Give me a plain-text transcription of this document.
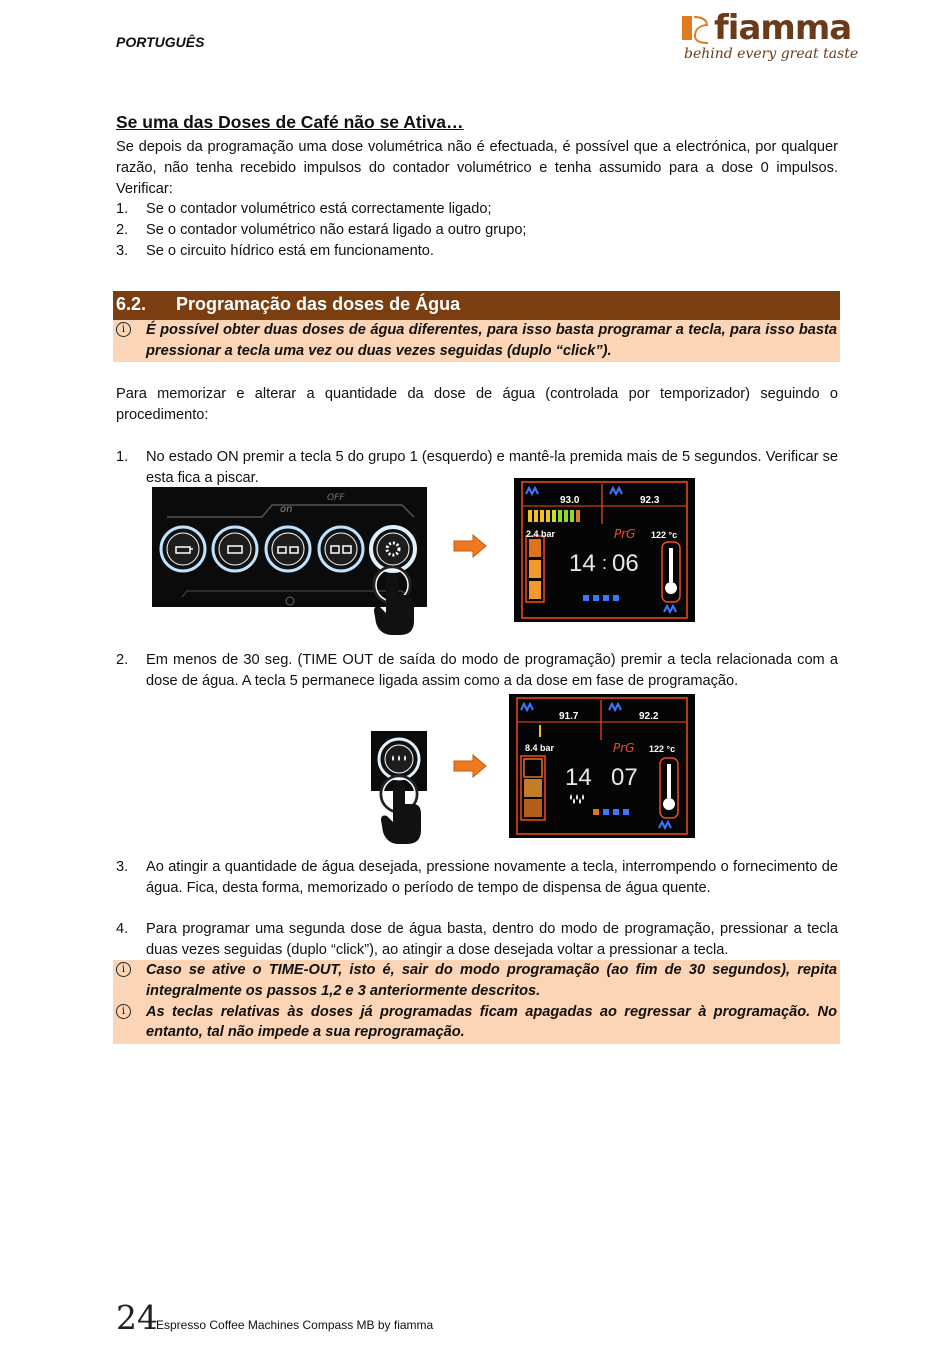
PORTUGUÊS	fiamma
behind every great taste
Se uma das Doses de Café não se Ativa…
Se depois da programação uma dose volumétrica não é efectuada, é possível que a electrónica, por qualquer razão, não tenha recebido impulsos do contador volumétrico e tenha assumido para a dose 0 impulsos. Verificar:
1. Se o contador volumétrico está correctamente ligado;
2. Se o contador volumétrico não estará ligado a outro grupo;
3. Se o circuito hídrico está em funcionamento.
6.2. Programação das doses de Água
i	É possível obter duas doses de água diferentes, para isso basta programar a tecla, para isso basta pressionar a tecla uma vez ou duas vezes seguidas (duplo “click”).
Para memorizar e alterar a quantidade da dose de água (controlada por temporizador) seguindo o procedimento:
1. No estado ON premir a tecla 5 do grupo 1 (esquerdo) e mantê-la premida mais de 5 segundos. Verificar se esta fica a piscar.
on
OFF	93.0	92.3
2.4 bar	PrG 122 °c
14 : 06
2. Em menos de 30 seg. (TIME OUT de saída do modo de programação) premir a tecla relacionada com a dose de água. A tecla 5 permanece ligada assim como a da dose em fase de programação.
91.7	92.2
8.4 bar	PrG 122 °c
14 07
3. Ao atingir a quantidade de água desejada, pressione novamente a tecla, interrompendo o fornecimento de água. Fica, desta forma, memorizado o período de tempo de dispensa de água quente.
4. Para programar uma segunda dose de água basta, dentro do modo de programação, pressionar a tecla duas vezes seguidas (duplo “click”), ao atingir a dose desejada voltar a pressionar a tecla.
i	Caso se ative o TIME-OUT, isto é, sair do modo programação (ao fim de 30 segundos), repita integralmente os passos 1,2 e 3 anteriormente descritos.
i	As teclas relativas às doses já programadas ficam apagadas ao regressar à programação. No entanto, tal não impede a sua reprogramação.
24
Espresso Coffee Machines Compass MB by fiamma
